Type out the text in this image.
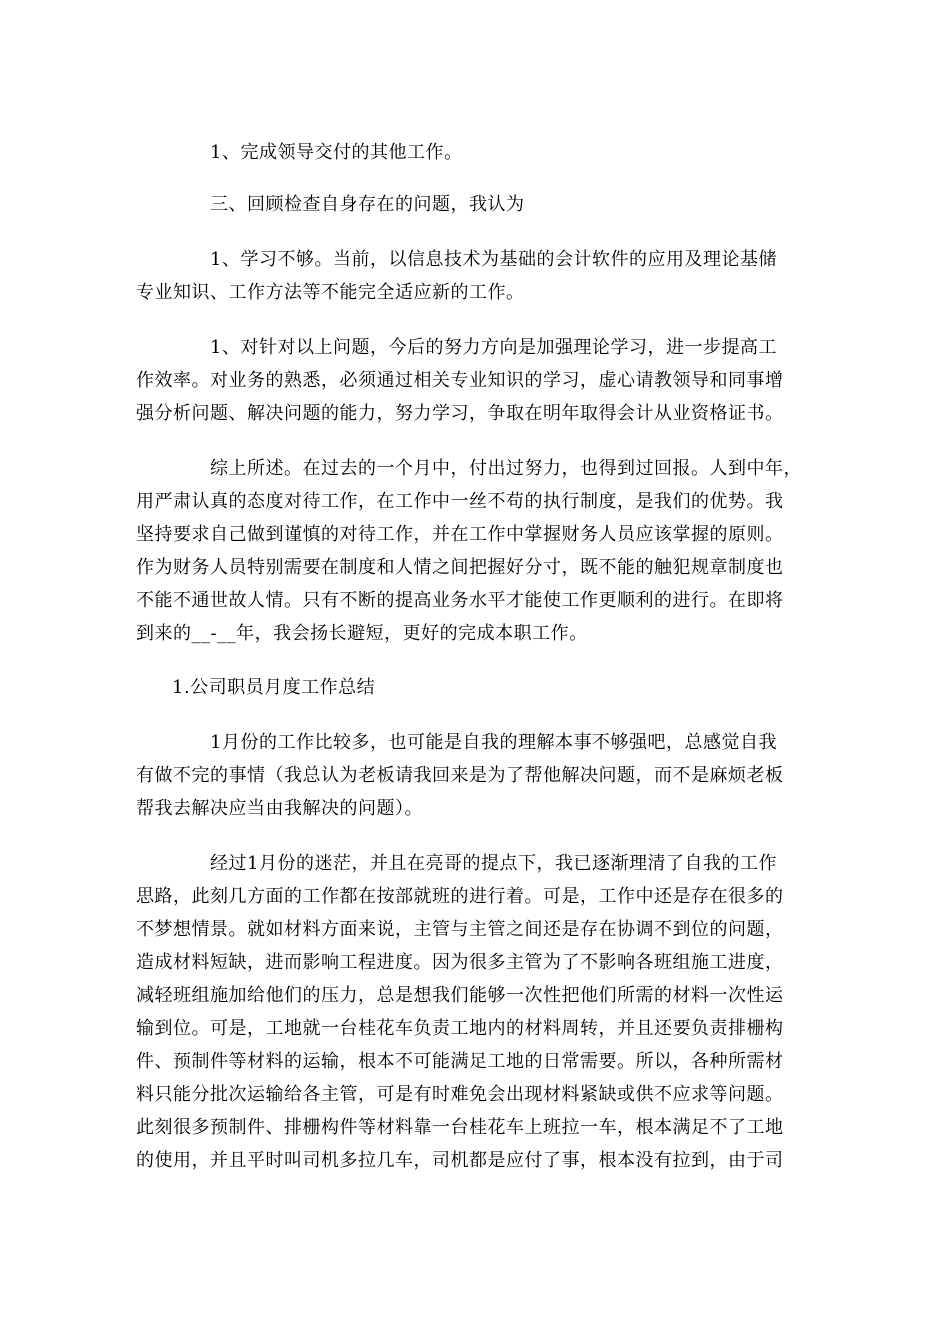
1、完成领导交付的其他工作。
三、回顾检查自身存在的问题，我认为
1、学习不够。当前，以信息技术为基础的会计软件的应用及理论基储
专业知识、工作方法等不能完全适应新的工作。
1、对针对以上问题，今后的努力方向是加强理论学习，进一步提高工
作效率。对业务的熟悉，必须通过相关专业知识的学习，虚心请教领导和同事增
强分析问题、解决问题的能力，努力学习，争取在明年取得会计从业资格证书。
综上所述。在过去的一个月中，付出过努力，也得到过回报。人到中年，
用严肃认真的态度对待工作，在工作中一丝不苟的执行制度，是我们的优势。我
坚持要求自己做到谨慎的对待工作，并在工作中掌握财务人员应该掌握的原则。
作为财务人员特别需要在制度和人情之间把握好分寸，既不能的触犯规章制度也
不能不通世故人情。只有不断的提高业务水平才能使工作更顺利的进行。在即将
到来的__-__年，我会扬长避短，更好的完成本职工作。
1.公司职员月度工作总结
1月份的工作比较多，也可能是自我的理解本事不够强吧，总感觉自我
有做不完的事情（我总认为老板请我回来是为了帮他解决问题，而不是麻烦老板
帮我去解决应当由我解决的问题）。
经过1月份的迷茫，并且在亮哥的提点下，我已逐渐理清了自我的工作
思路，此刻几方面的工作都在按部就班的进行着。可是，工作中还是存在很多的
不梦想情景。就如材料方面来说，主管与主管之间还是存在协调不到位的问题，
造成材料短缺，进而影响工程进度。因为很多主管为了不影响各班组施工进度，
减轻班组施加给他们的压力，总是想我们能够一次性把他们所需的材料一次性运
输到位。可是，工地就一台桂花车负责工地内的材料周转，并且还要负责排栅构
件、预制件等材料的运输，根本不可能满足工地的日常需要。所以，各种所需材
料只能分批次运输给各主管，可是有时难免会出现材料紧缺或供不应求等问题。
此刻很多预制件、排栅构件等材料靠一台桂花车上班拉一车，根本满足不了工地
的使用，并且平时叫司机多拉几车，司机都是应付了事，根本没有拉到，由于司
